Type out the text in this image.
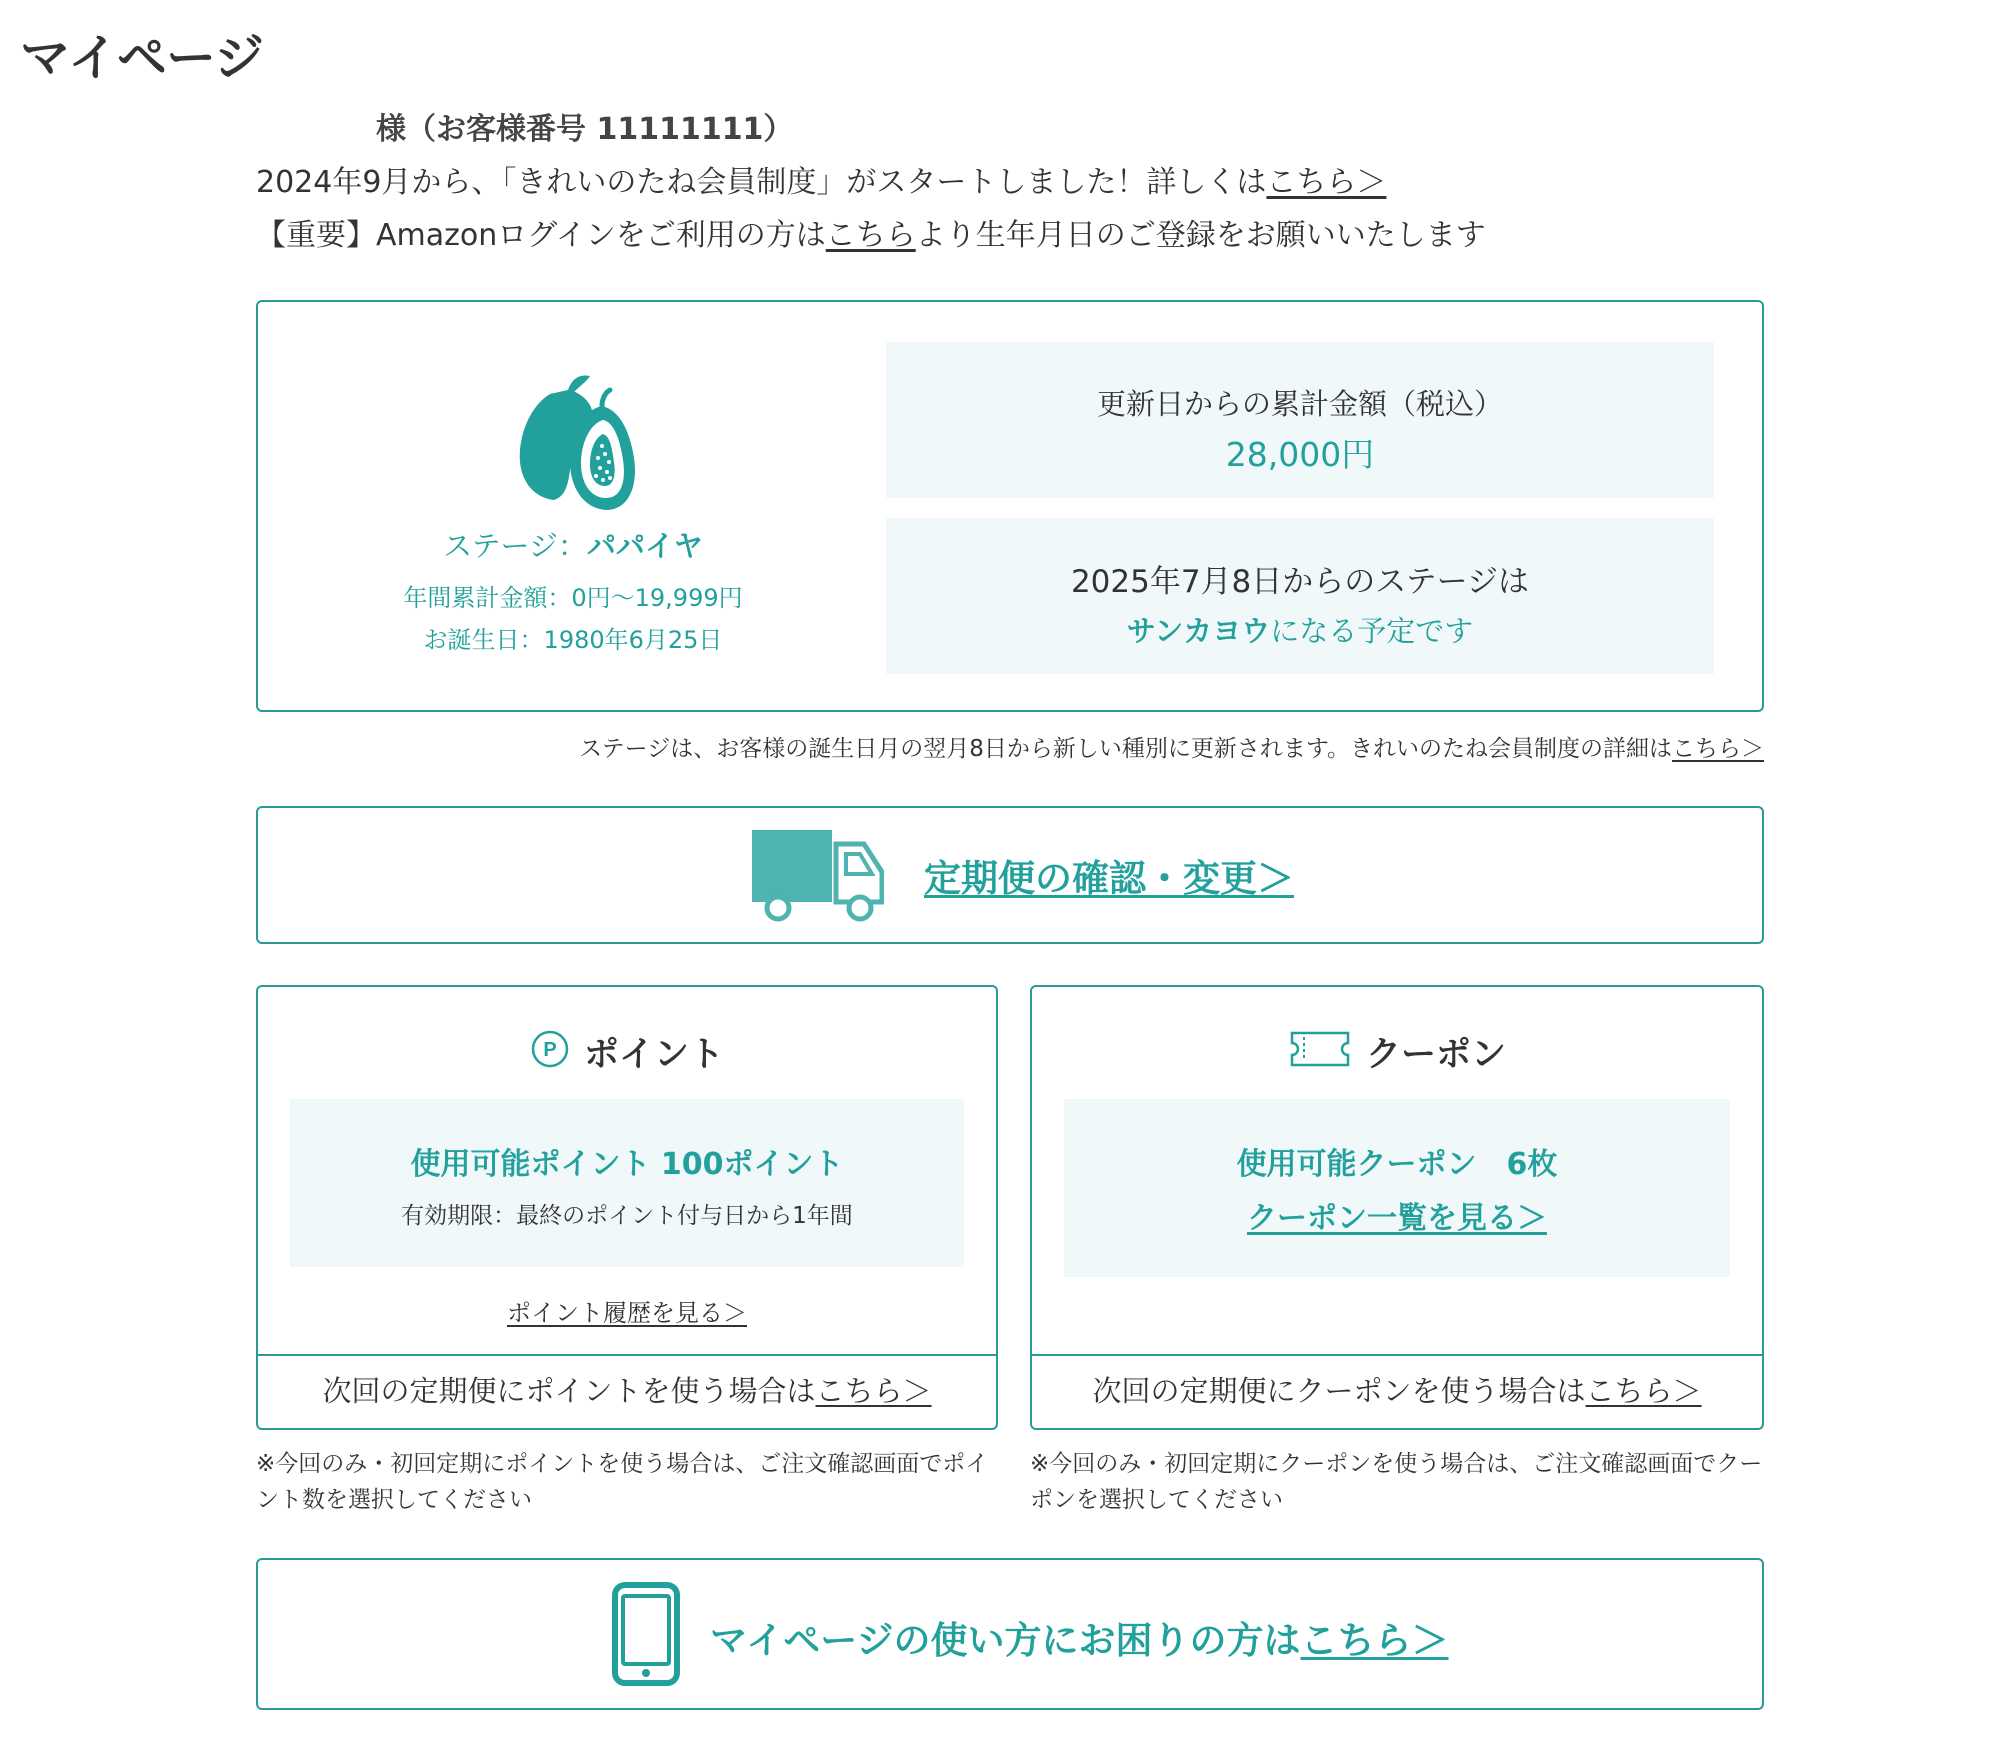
マイページ
様（お客様番号 11111111）
2024年9月から、「きれいのたね会員制度」がスタートしました！詳しくはこちら＞
【重要】Amazonログインをご利用の方はこちらより生年月日のご登録をお願いいたします
ステージ：パパイヤ
年間累計金額：0円～19,999円
お誕生日：1980年6月25日
更新日からの累計金額（税込）
28,000円
2025年7月8日からのステージは
サンカヨウになる予定です
ステージは、お客様の誕生日月の翌月8日から新しい種別に更新されます。きれいのたね会員制度の詳細はこちら＞
定期便の確認・変更＞
P ポイント
使用可能ポイント 100ポイント
有効期限：最終のポイント付与日から1年間
ポイント履歴を見る＞
次回の定期便にポイントを使う場合はこちら＞
クーポン
使用可能クーポン　6枚
クーポン一覧を見る＞
次回の定期便にクーポンを使う場合はこちら＞
※今回のみ・初回定期にポイントを使う場合は、ご注文確認画面でポイント数を選択してください
※今回のみ・初回定期にクーポンを使う場合は、ご注文確認画面でクーポンを選択してください
マイページの使い方にお困りの方はこちら＞
